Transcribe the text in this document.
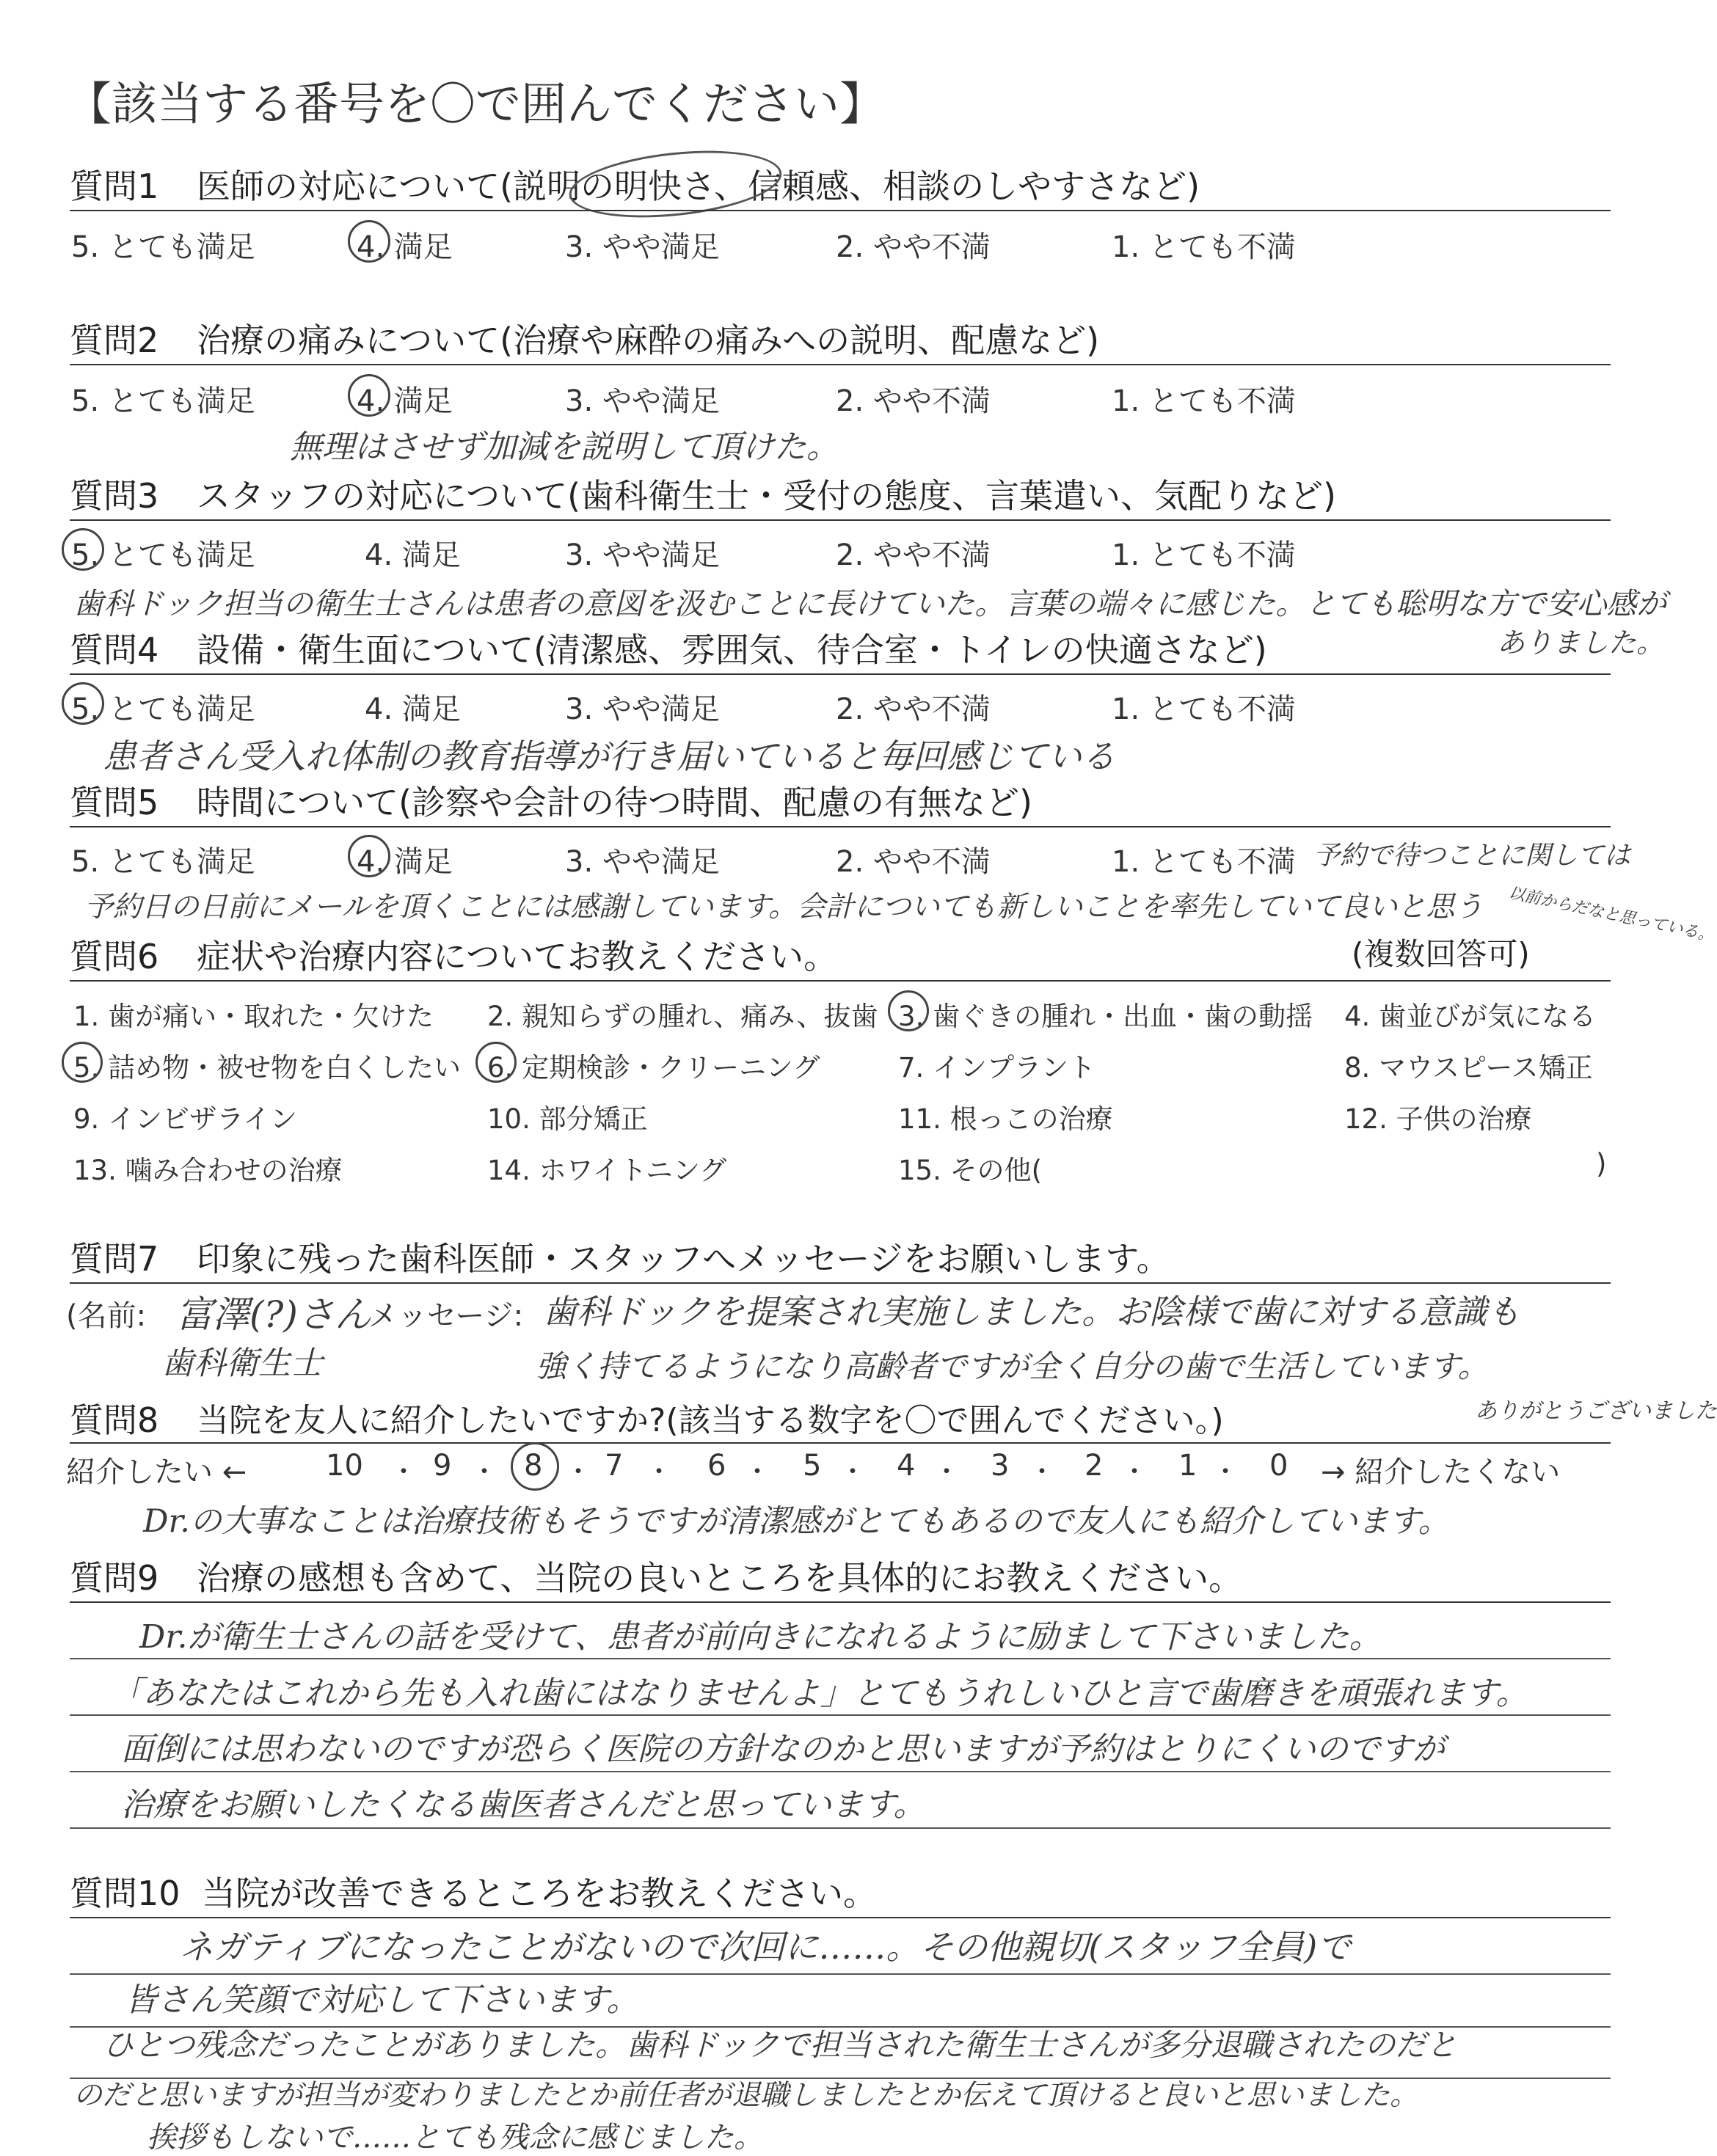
【該当する番号を〇で囲んでください】
質問1 医師の対応について(説明の明快さ、信頼感、相談のしやすさなど)
5. とても満足	4. 満足	3. やや満足	2. やや不満	1. とても不満
質問2 治療の痛みについて(治療や麻酔の痛みへの説明、配慮など)
5. とても満足	4. 満足	3. やや満足	2. やや不満	1. とても不満
無理はさせず加減を説明して頂けた。
質問3 スタッフの対応について(歯科衛生士・受付の態度、言葉遣い、気配りなど)
5. とても満足	4. 満足	3. やや満足	2. やや不満	1. とても不満
歯科ドック担当の衛生士さんは患者の意図を汲むことに長けていた。言葉の端々に感じた。とても聡明な方で安心感が
ありました。
質問4 設備・衛生面について(清潔感、雰囲気、待合室・トイレの快適さなど)
5. とても満足	4. 満足	3. やや満足	2. やや不満	1. とても不満
患者さん受入れ体制の教育指導が行き届いていると毎回感じている
質問5 時間について(診察や会計の待つ時間、配慮の有無など)
5. とても満足	4. 満足	3. やや満足	2. やや不満	1. とても不満 予約で待つことに関しては
予約日の日前にメールを頂くことには感謝しています。会計についても新しいことを率先していて良いと思う 以前からだなと思っている。
質問6 症状や治療内容についてお教えください。	(複数回答可)
1. 歯が痛い・取れた・欠けた 2. 親知らずの腫れ、痛み、抜歯 3. 歯ぐきの腫れ・出血・歯の動揺 4. 歯並びが気になる
5. 詰め物・被せ物を白くしたい 6. 定期検診・クリーニング	7. インプラント	8. マウスピース矯正
9. インビザライン	10. 部分矯正	11. 根っこの治療	12. 子供の治療
13. 噛み合わせの治療	14. ホワイトニング	15. その他(	)
質問7 印象に残った歯科医師・スタッフへメッセージをお願いします。
(名前: 富澤(?)さん
歯科衛生士
メッセージ: 歯科ドックを提案され実施しました。お陰様で歯に対する意識も
強く持てるようになり高齢者ですが全く自分の歯で生活しています。
ありがとうございました
質問8 当院を友人に紹介したいですか?(該当する数字を〇で囲んでください。)
紹介したい ←	10 ・ 9 ・ 8 ・ 7 ・ 6 ・ 5 ・ 4 ・ 3 ・ 2 ・ 1 ・ 0 → 紹介したくない
Dr.の大事なことは治療技術もそうですが清潔感がとてもあるので友人にも紹介しています。
質問9 治療の感想も含めて、当院の良いところを具体的にお教えください。
Dr.が衛生士さんの話を受けて、患者が前向きになれるように励まして下さいました。
「あなたはこれから先も入れ歯にはなりませんよ」とてもうれしいひと言で歯磨きを頑張れます。
面倒には思わないのですが恐らく医院の方針なのかと思いますが予約はとりにくいのですが
治療をお願いしたくなる歯医者さんだと思っています。
質問10 当院が改善できるところをお教えください。
ネガティブになったことがないので次回に……。その他親切(スタッフ全員)で
皆さん笑顔で対応して下さいます。
ひとつ残念だったことがありました。歯科ドックで担当された衛生士さんが多分退職されたのだと
のだと思いますが担当が変わりましたとか前任者が退職しましたとか伝えて頂けると良いと思いました。
挨拶もしないで……とても残念に感じました。
